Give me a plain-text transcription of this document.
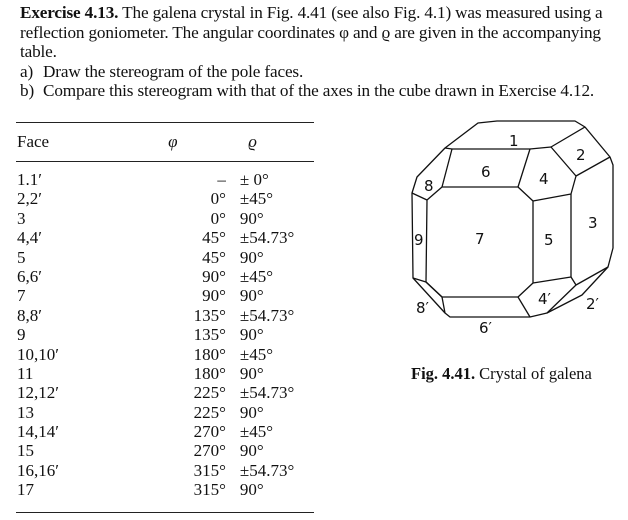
Exercise 4.13. The galena crystal in Fig. 4.41 (see also Fig. 4.1) was measured using a reflection goniometer. The angular coordinates φ and ϱ are given in the accompanying table.

a) Draw the stereogram of the pole faces.
b) Compare this stereogram with that of the axes in the cube drawn in Exercise 4.12.
Face	φ	ϱ
1.1′	– ± 0°
2,2′	0° ±45°
3	0° 90°
4,4′	45° ±54.73°
5	45° 90°
6,6′	90° ±45°
7	90° 90°
8,8′	135° ±54.73°
9	135° 90°
10,10′	180° ±45°
11	180° 90°
12,12′	225° ±54.73°
13	225° 90°
14,14′	270° ±45°
15	270° 90°
16,16′	315° ±54.73°
17	315° 90°
1
2
3
4
5
6
7
8
9
2′
4′
6′
8′
Fig. 4.41. Crystal of galena
